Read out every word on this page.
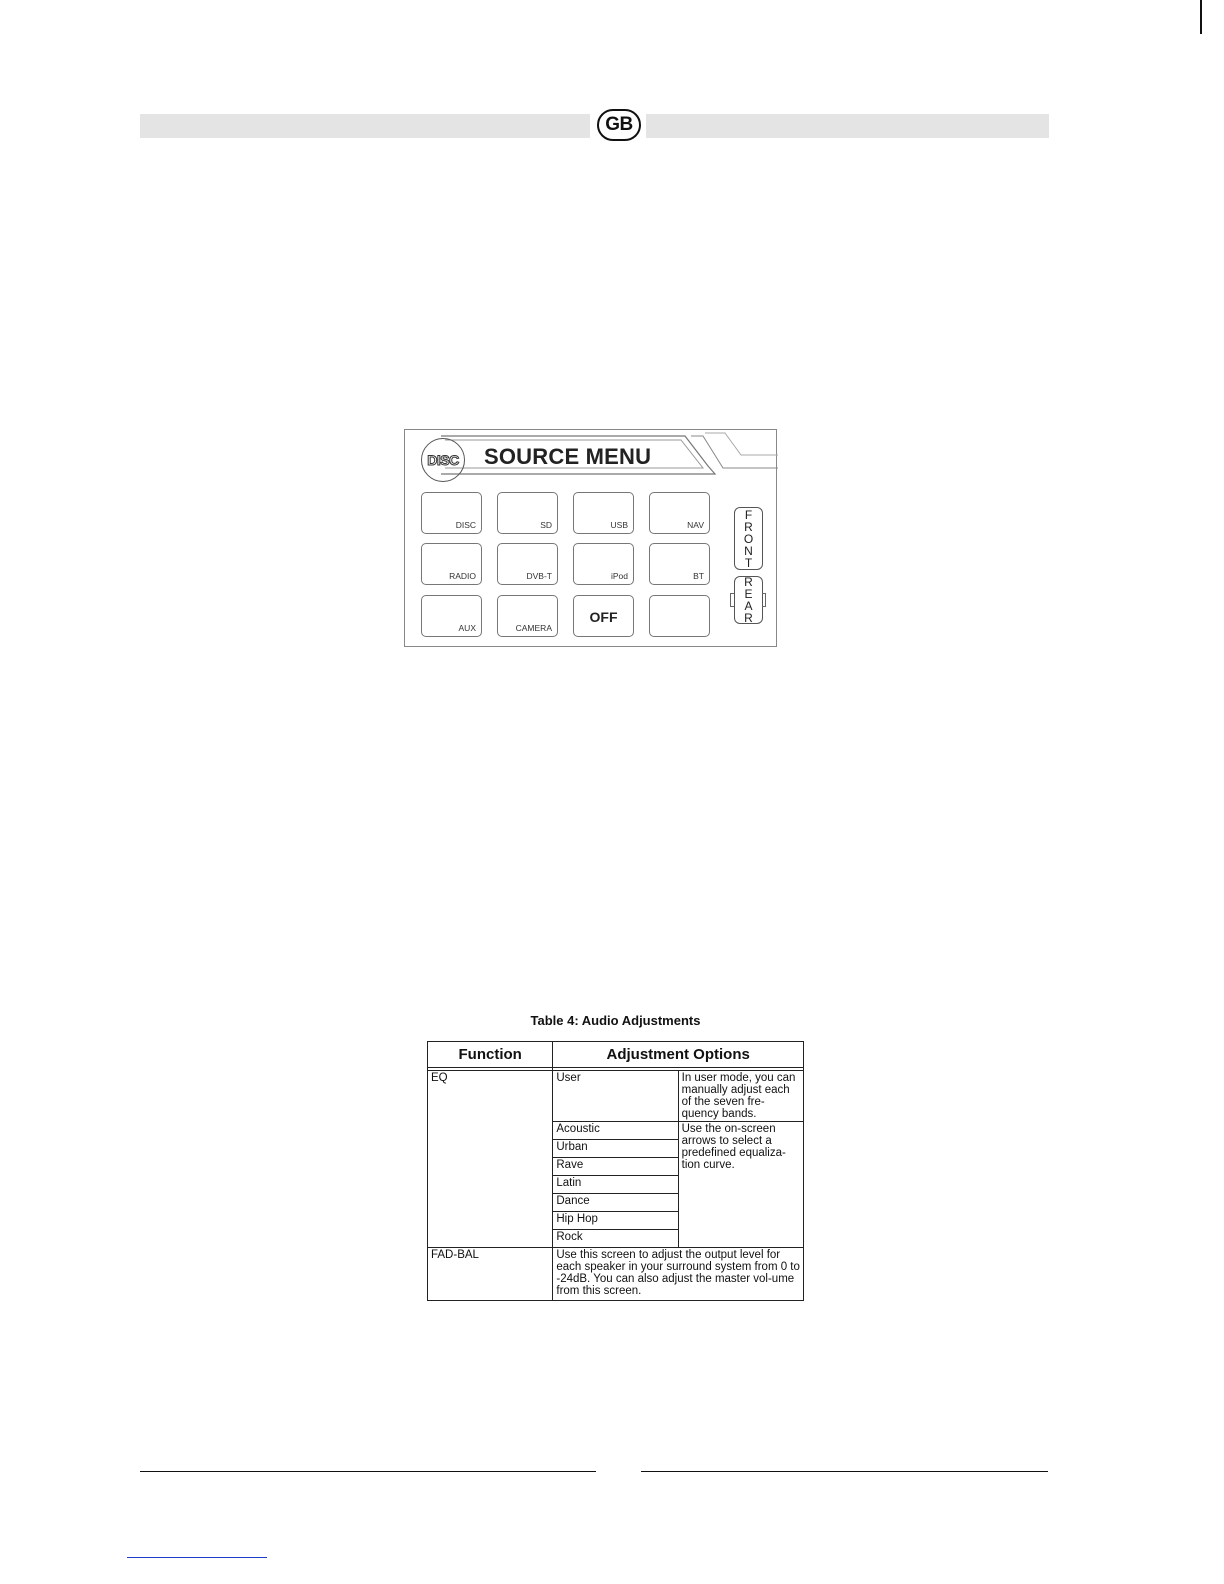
GB
DISC SOURCE MENU
DISC	SD	USB	NAV
RADIO	DVB-T	iPod	BT
AUX	CAMERA
OFF
FRONT
REAR
Table 4: Audio Adjustments
Function	Adjustment Options	

EQ	User	In user mode, you can manually adjust each of the seven fre-quency bands.
	Acoustic	Use the on-screen arrows to select a predefined equaliza-tion curve.
	Urban	
	Rave	
	Latin	
	Dance	
	Hip Hop	
	Rock	
FAD-BAL	Use this screen to adjust the output level for each speaker in your surround system from 0 to -24dB. You can also adjust the master vol-ume from this screen.	
